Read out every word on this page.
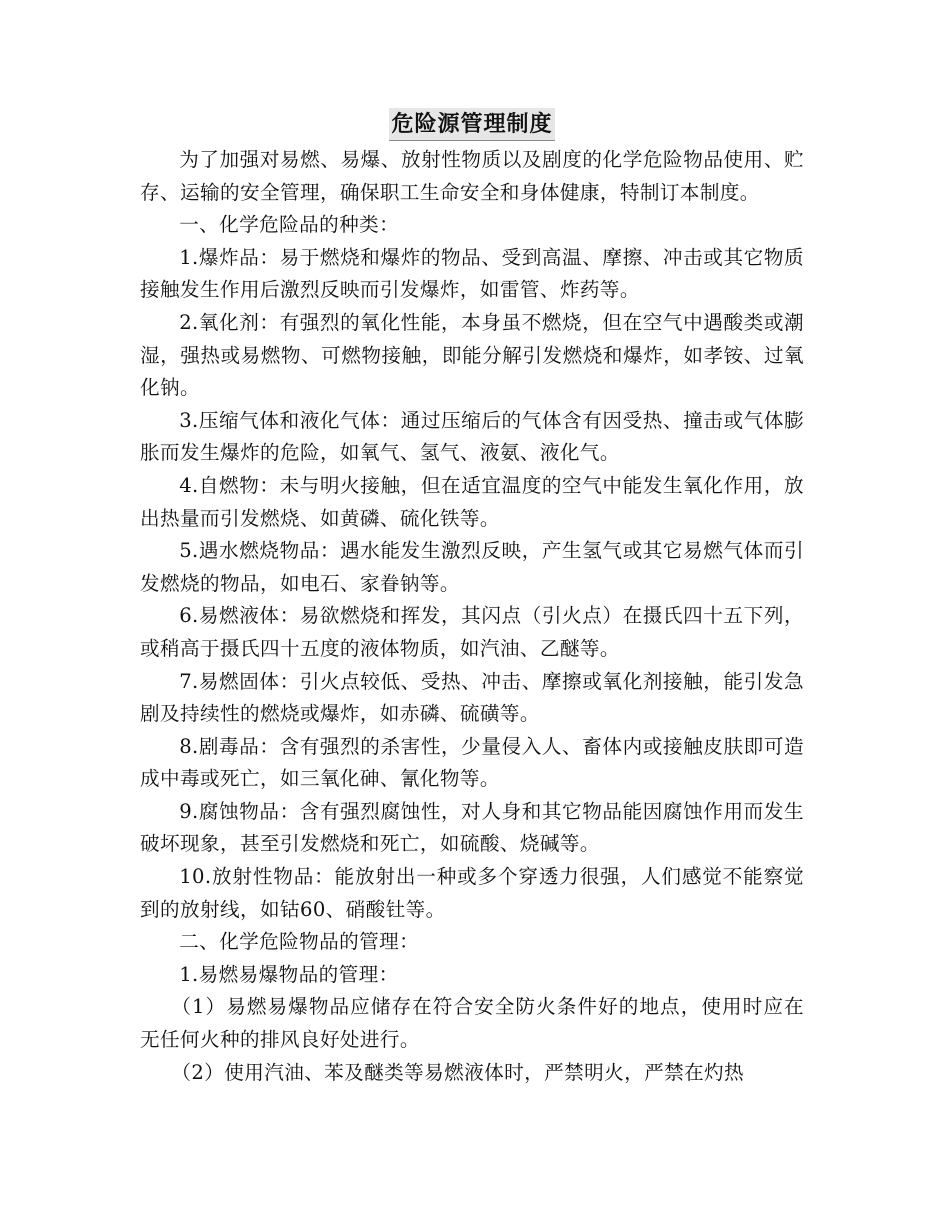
危险源管理制度

为了加强对易燃、易爆、放射性物质以及剧度的化学危险物品使用、贮存、运输的安全管理，确保职工生命安全和身体健康，特制订本制度。

一、化学危险品的种类：

1.爆炸品：易于燃烧和爆炸的物品、受到高温、摩擦、冲击或其它物质接触发生作用后激烈反映而引发爆炸，如雷管、炸药等。

2.氧化剂：有强烈的氧化性能，本身虽不燃烧，但在空气中遇酸类或潮湿，强热或易燃物、可燃物接触，即能分解引发燃烧和爆炸，如孝铵、过氧化钠。

3.压缩气体和液化气体：通过压缩后的气体含有因受热、撞击或气体膨胀而发生爆炸的危险，如氧气、氢气、液氨、液化气。

4.自燃物：未与明火接触，但在适宜温度的空气中能发生氧化作用，放出热量而引发燃烧、如黄磷、硫化铁等。

5.遇水燃烧物品：遇水能发生激烈反映，产生氢气或其它易燃气体而引发燃烧的物品，如电石、家眷钠等。

6.易燃液体：易欲燃烧和挥发，其闪点（引火点）在摄氏四十五下列，或稍高于摄氏四十五度的液体物质，如汽油、乙醚等。

7.易燃固体：引火点较低、受热、冲击、摩擦或氧化剂接触，能引发急剧及持续性的燃烧或爆炸，如赤磷、硫磺等。

8.剧毒品：含有强烈的杀害性，少量侵入人、畜体内或接触皮肤即可造成中毒或死亡，如三氧化砷、氰化物等。

9.腐蚀物品：含有强烈腐蚀性，对人身和其它物品能因腐蚀作用而发生破坏现象，甚至引发燃烧和死亡，如硫酸、烧碱等。

10.放射性物品：能放射出一种或多个穿透力很强，人们感觉不能察觉到的放射线，如钴60、硝酸钍等。

二、化学危险物品的管理：

1.易燃易爆物品的管理：

（1）易燃易爆物品应储存在符合安全防火条件好的地点，使用时应在无任何火种的排风良好处进行。

（2）使用汽油、苯及醚类等易燃液体时，严禁明火，严禁在灼热
